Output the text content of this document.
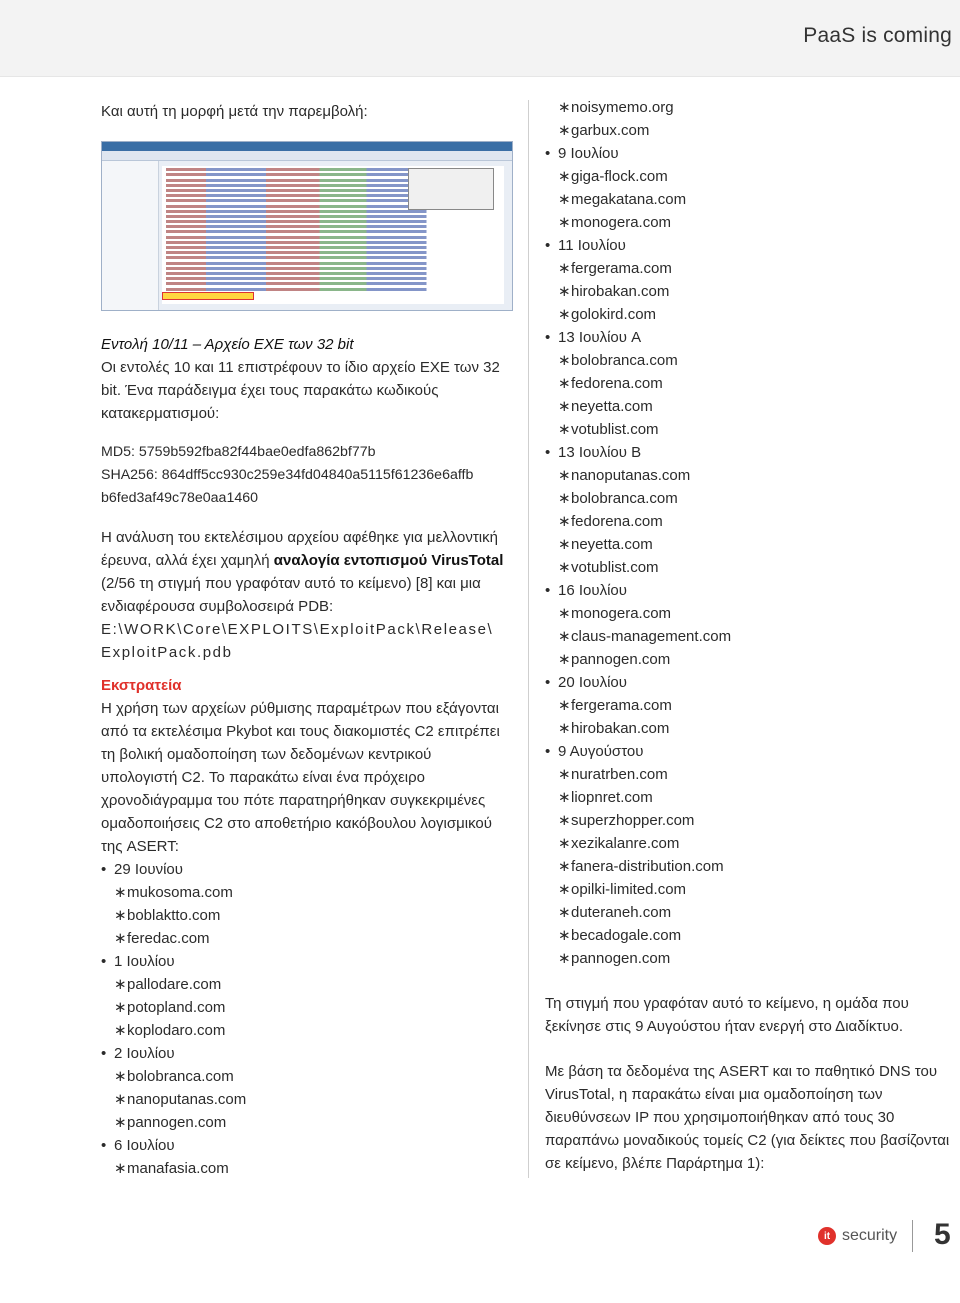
PaaS is coming

Και αυτή τη μορφή μετά την παρεμβολή:

Εντολή 10/11 – Αρχείο EXE των 32 bit

Οι εντολές 10 και 11 επιστρέφουν το ίδιο αρχείο EXE των 32 bit. Ένα παράδειγμα έχει τους παρακάτω κωδικούς κατακερματισμού:

MD5: 5759b592fba82f44bae0edfa862bf77b

SHA256: 864dff5cc930c259e34fd04840a5115f61236e6affb b6fed3af49c78e0aa1460

Η ανάλυση του εκτελέσιμου αρχείου αφέθηκε για μελλοντική έρευνα, αλλά έχει χαμηλή αναλογία εντοπισμού VirusTotal (2/56 τη στιγμή που γραφόταν αυτό το κείμενο) [8] και μια ενδιαφέρουσα συμβολοσειρά PDB: E:\WORK\Core\EXPLOITS\ExploitPack\Release\ ExploitPack.pdb

Εκστρατεία

Η χρήση των αρχείων ρύθμισης παραμέτρων που εξάγονται από τα εκτελέσιμα Pkybot και τους διακομιστές C2 επιτρέπει τη βολική ομαδοποίηση των δεδομένων κεντρικού υπολογιστή C2. Το παρακάτω είναι ένα πρόχειρο χρονοδιάγραμμα του πότε παρατηρήθηκαν συγκεκριμένες ομαδοποιήσεις C2 στο αποθετήριο κακόβουλου λογισμικού της ASERT:

• 29 Ιουνίου
∗mukosoma.com
∗boblaktto.com
∗feredac.com
• 1 Ιουλίου
∗pallodare.com
∗potopland.com
∗koplodaro.com
• 2 Ιουλίου
∗bolobranca.com
∗nanoputanas.com
∗pannogen.com
• 6 Ιουλίου
∗manafasia.com
∗noisymemo.org
∗garbux.com
• 9 Ιουλίου
∗giga-flock.com
∗megakatana.com
∗monogera.com
• 11 Ιουλίου
∗fergerama.com
∗hirobakan.com
∗golokird.com
• 13 Ιουλίου A
∗bolobranca.com
∗fedorena.com
∗neyetta.com
∗votublist.com
• 13 Ιουλίου B
∗nanoputanas.com
∗bolobranca.com
∗fedorena.com
∗neyetta.com
∗votublist.com
• 16 Ιουλίου
∗monogera.com
∗claus-management.com
∗pannogen.com
• 20 Ιουλίου
∗fergerama.com
∗hirobakan.com
• 9 Αυγούστου
∗nuratrben.com
∗liopnret.com
∗superzhopper.com
∗xezikalanre.com
∗fanera-distribution.com
∗opilki-limited.com
∗duteraneh.com
∗becadogale.com
∗pannogen.com

Τη στιγμή που γραφόταν αυτό το κείμενο, η ομάδα που ξεκίνησε στις 9 Αυγούστου ήταν ενεργή στο Διαδίκτυο.

Με βάση τα δεδομένα της ASERT και το παθητικό DNS του VirusTotal, η παρακάτω είναι μια ομαδοποίηση των διευθύνσεων IP που χρησιμοποιήθηκαν από τους 30 παραπάνω μοναδικούς τομείς C2 (για δείκτες που βασίζονται σε κείμενο, βλέπε Παράρτημα 1):

it security 5
